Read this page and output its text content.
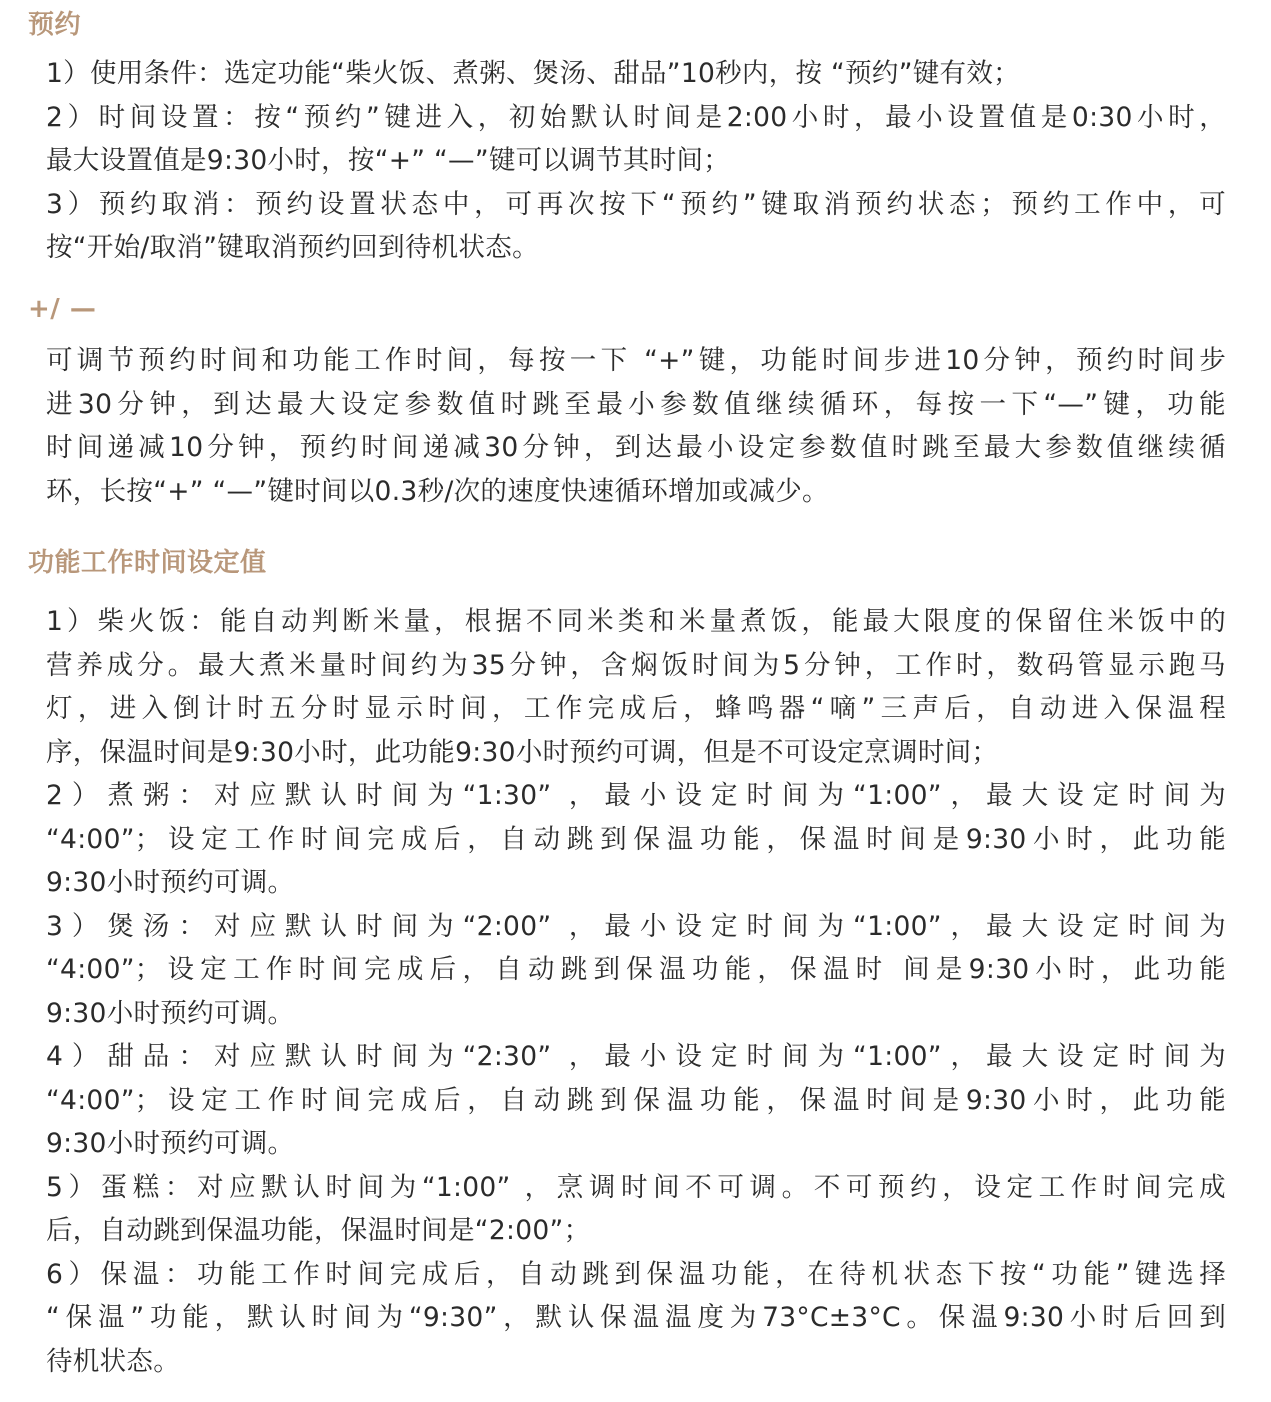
预约
1）使用条件：选定功能“柴火饭、煮粥、煲汤、甜品”10秒内，按 “预约”键有效；
2）时间设置：按“预约”键进入，初始默认时间是2:00小时，最小设置值是0:30小时，
最大设置值是9:30小时，按“+” “—”键可以调节其时间；
3）预约取消：预约设置状态中，可再次按下“预约”键取消预约状态；预约工作中，可
按“开始/取消”键取消预约回到待机状态。
+/ —
可调节预约时间和功能工作时间，每按一下 “+”键，功能时间步进10分钟，预约时间步
进30分钟，到达最大设定参数值时跳至最小参数值继续循环，每按一下“—”键，功能
时间递减10分钟，预约时间递减30分钟，到达最小设定参数值时跳至最大参数值继续循
环，长按“+” “—”键时间以0.3秒/次的速度快速循环增加或减少。
功能工作时间设定值
1）柴火饭：能自动判断米量，根据不同米类和米量煮饭，能最大限度的保留住米饭中的
营养成分。最大煮米量时间约为35分钟，含焖饭时间为5分钟，工作时，数码管显示跑马
灯，进入倒计时五分时显示时间，工作完成后，蜂鸣器“嘀”三声后，自动进入保温程
序，保温时间是9:30小时，此功能9:30小时预约可调，但是不可设定烹调时间；
2）煮粥：对应默认时间为“1:30” ，最小设定时间为“1:00”，最大设定时间为
“4:00”；设定工作时间完成后，自动跳到保温功能，保温时间是9:30小时，此功能
9:30小时预约可调。
3）煲汤：对应默认时间为“2:00” ，最小设定时间为“1:00”，最大设定时间为
“4:00”；设定工作时间完成后，自动跳到保温功能，保温时 间是9:30小时，此功能
9:30小时预约可调。
4）甜品：对应默认时间为“2:30” ，最小设定时间为“1:00”，最大设定时间为
“4:00”；设定工作时间完成后，自动跳到保温功能，保温时间是9:30小时，此功能
9:30小时预约可调。
5）蛋糕：对应默认时间为“1:00” ，烹调时间不可调。不可预约，设定工作时间完成
后，自动跳到保温功能，保温时间是“2:00”；
6）保温：功能工作时间完成后，自动跳到保温功能，在待机状态下按“功能”键选择
“保温”功能，默认时间为“9:30”，默认保温温度为73°C±3°C。保温9:30小时后回到
待机状态。
